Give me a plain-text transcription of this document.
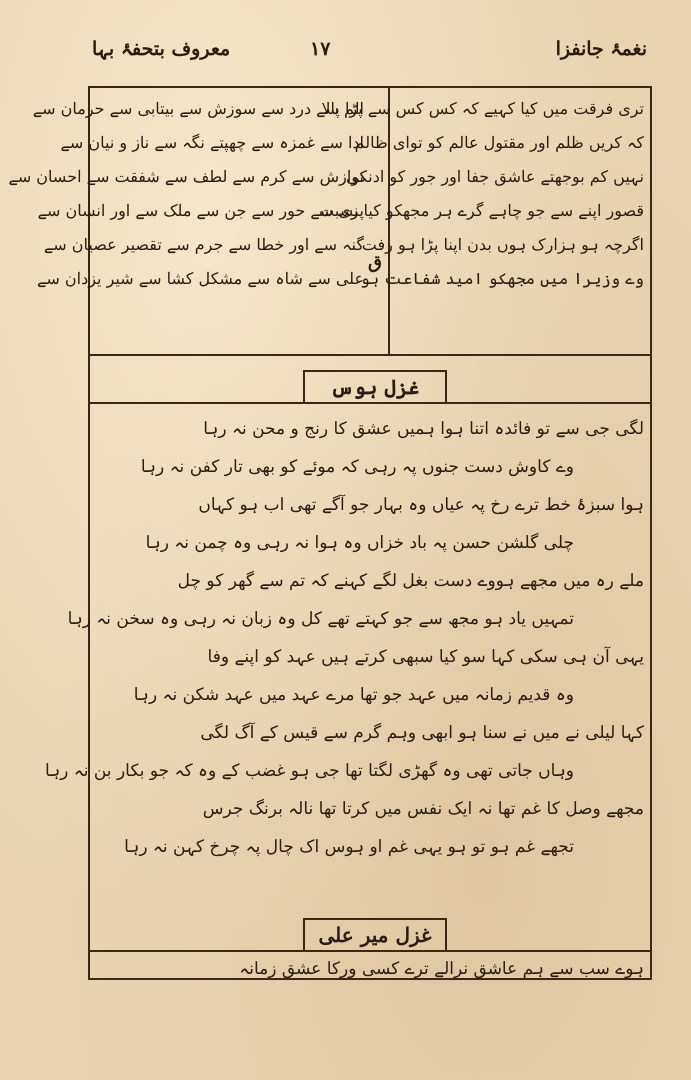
نغمۂ جانفزا
۱۷
معروف بتحفۂ بہا
تری فرقت میں کیا کہیے کہ کس کس سے پڑا پالا
کہ کریں ظلم اور مقتول عالم کو توای ظالم
نہیں کم بوجھتے عاشق جفا اور جور کو ادنکی
قصور اپنے سے جو چاہے گرے ہر مجھکو کیا نسبت
اگرچہ ہو ہزارک ہوں بدن اپنا پڑا ہو رفت
وے وزیرا میں مجھکو امید شفاعت ہو
الم سے درد سے سوزش سے بیتابی سے حرمان سے
ادا سے غمزہ سے چھپتے نگہ سے ناز و نیان سے
نوازش سے کرم سے لطف سے شفقت سے احسان سے
پری سے حور سے جن سے ملک سے اور انسان سے
گنہ سے اور خطا سے جرم سے تقصیر عصیان سے
علی سے شاہ سے مشکل کشا سے شیر یزدان سے
ق
غزل ہوس
لگی جی سے تو فائدہ اتنا ہوا ہمیں عشق کا رنج و محن نہ رہا
وے کاوش دست جنوں پہ رہی کہ موئے کو بھی تار کفن نہ رہا
ہوا سبزۂ خط ترے رخ پہ عیاں وہ بہار جو آگے تھی اب ہو کہاں
چلی گلشن حسن پہ باد خزاں وہ ہوا نہ رہی وہ چمن نہ رہا
ملے رہ میں مجھے ہووے دست بغل لگے کہنے کہ تم سے گھر کو چل
تمہیں یاد ہو مجھ سے جو کہتے تھے کل وہ زبان نہ رہی وہ سخن نہ رہا
یہی آن ہی سکی کہا سو کیا سبھی کرتے ہیں عہد کو اپنے وفا
وہ قدیم زمانہ میں عہد جو تھا مرے عہد میں عہد شکن نہ رہا
کہا لیلی نے میں نے سنا ہو ابھی وہم گرم سے قیس کے آگ لگی
وہاں جاتی تھی وہ گھڑی لگتا تھا جی ہو غضب کے وہ کہ جو بکار بن نہ رہا
مجھے وصل کا غم تھا نہ ایک نفس میں کرتا تھا نالہ برنگ جرس
تجھے غم ہو تو ہو یہی غم او ہوس اک چال پہ چرخ کہن نہ رہا
غزل میر علی
ہوے سب سے ہم عاشق نرالے ترے کسی ورکا عشق زمانہ
